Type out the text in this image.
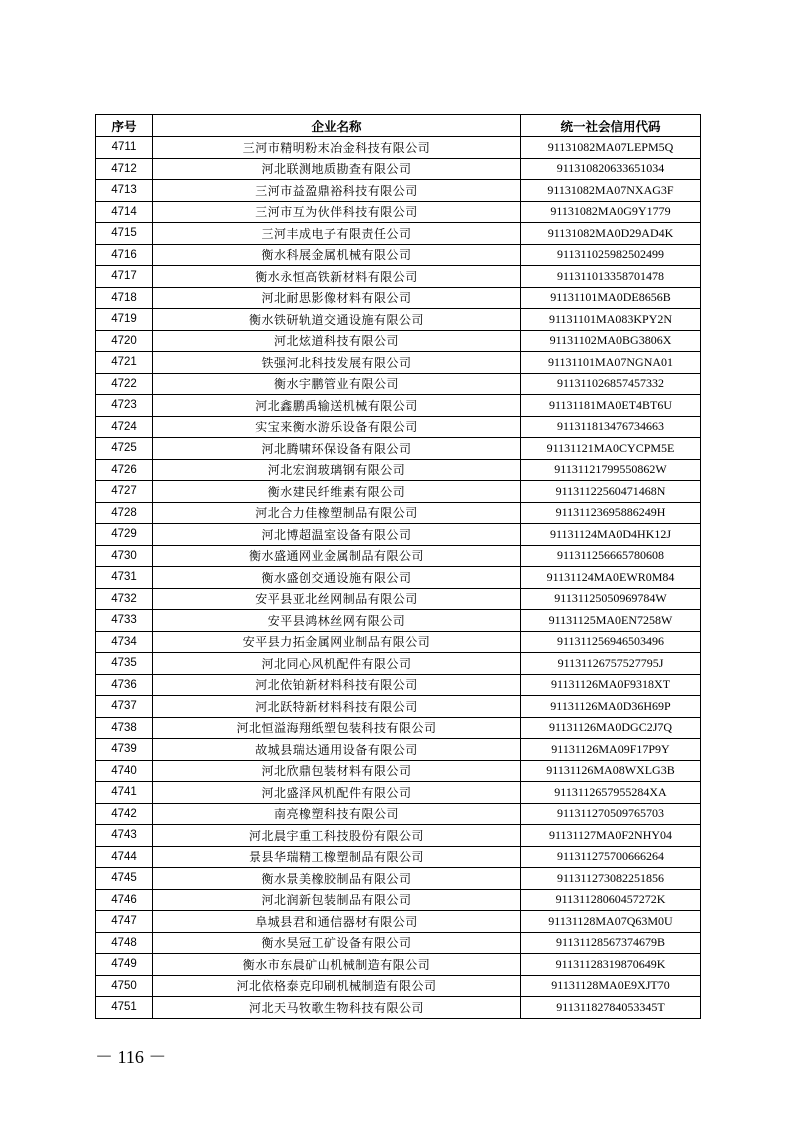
序号	企业名称	统一社会信用代码
4711	三河市精明粉末冶金科技有限公司	91131082MA07LEPM5Q
4712	河北联测地质勘查有限公司	911310820633651034
4713	三河市益盈鼎裕科技有限公司	91131082MA07NXAG3F
4714	三河市互为伙伴科技有限公司	91131082MA0G9Y1779
4715	三河丰成电子有限责任公司	91131082MA0D29AD4K
4716	衡水科展金属机械有限公司	911311025982502499
4717	衡水永恒高铁新材料有限公司	911311013358701478
4718	河北耐思影像材料有限公司	91131101MA0DE8656B
4719	衡水铁研轨道交通设施有限公司	91131101MA083KPY2N
4720	河北炫道科技有限公司	91131102MA0BG3806X
4721	铁强河北科技发展有限公司	91131101MA07NGNA01
4722	衡水宇鹏管业有限公司	911311026857457332
4723	河北鑫鹏禹输送机械有限公司	91131181MA0ET4BT6U
4724	实宝来衡水游乐设备有限公司	911311813476734663
4725	河北腾啸环保设备有限公司	91131121MA0CYCPM5E
4726	河北宏润玻璃钢有限公司	91131121799550862W
4727	衡水建民纤维素有限公司	91131122560471468N
4728	河北合力佳橡塑制品有限公司	91131123695886249H
4729	河北博超温室设备有限公司	91131124MA0D4HK12J
4730	衡水盛通网业金属制品有限公司	911311256665780608
4731	衡水盛创交通设施有限公司	91131124MA0EWR0M84
4732	安平县亚北丝网制品有限公司	91131125050969784W
4733	安平县鸿林丝网有限公司	91131125MA0EN7258W
4734	安平县力拓金属网业制品有限公司	911311256946503496
4735	河北同心风机配件有限公司	91131126757527795J
4736	河北依铂新材料科技有限公司	91131126MA0F9318XT
4737	河北跃特新材料科技有限公司	91131126MA0D36H69P
4738	河北恒溢海翔纸塑包装科技有限公司	91131126MA0DGC2J7Q
4739	故城县瑞达通用设备有限公司	91131126MA09F17P9Y
4740	河北欣鼎包装材料有限公司	91131126MA08WXLG3B
4741	河北盛泽风机配件有限公司	9113112657955284XA
4742	南亮橡塑科技有限公司	911311270509765703
4743	河北晨宇重工科技股份有限公司	91131127MA0F2NHY04
4744	景县华瑞精工橡塑制品有限公司	911311275700666264
4745	衡水景美橡胶制品有限公司	911311273082251856
4746	河北润新包装制品有限公司	91131128060457272K
4747	阜城县君和通信器材有限公司	91131128MA07Q63M0U
4748	衡水昊冠工矿设备有限公司	91131128567374679B
4749	衡水市东晨矿山机械制造有限公司	91131128319870649K
4750	河北依格泰克印刷机械制造有限公司	91131128MA0E9XJT70
4751	河北天马牧歌生物科技有限公司	91131182784053345T
－ 116 －
